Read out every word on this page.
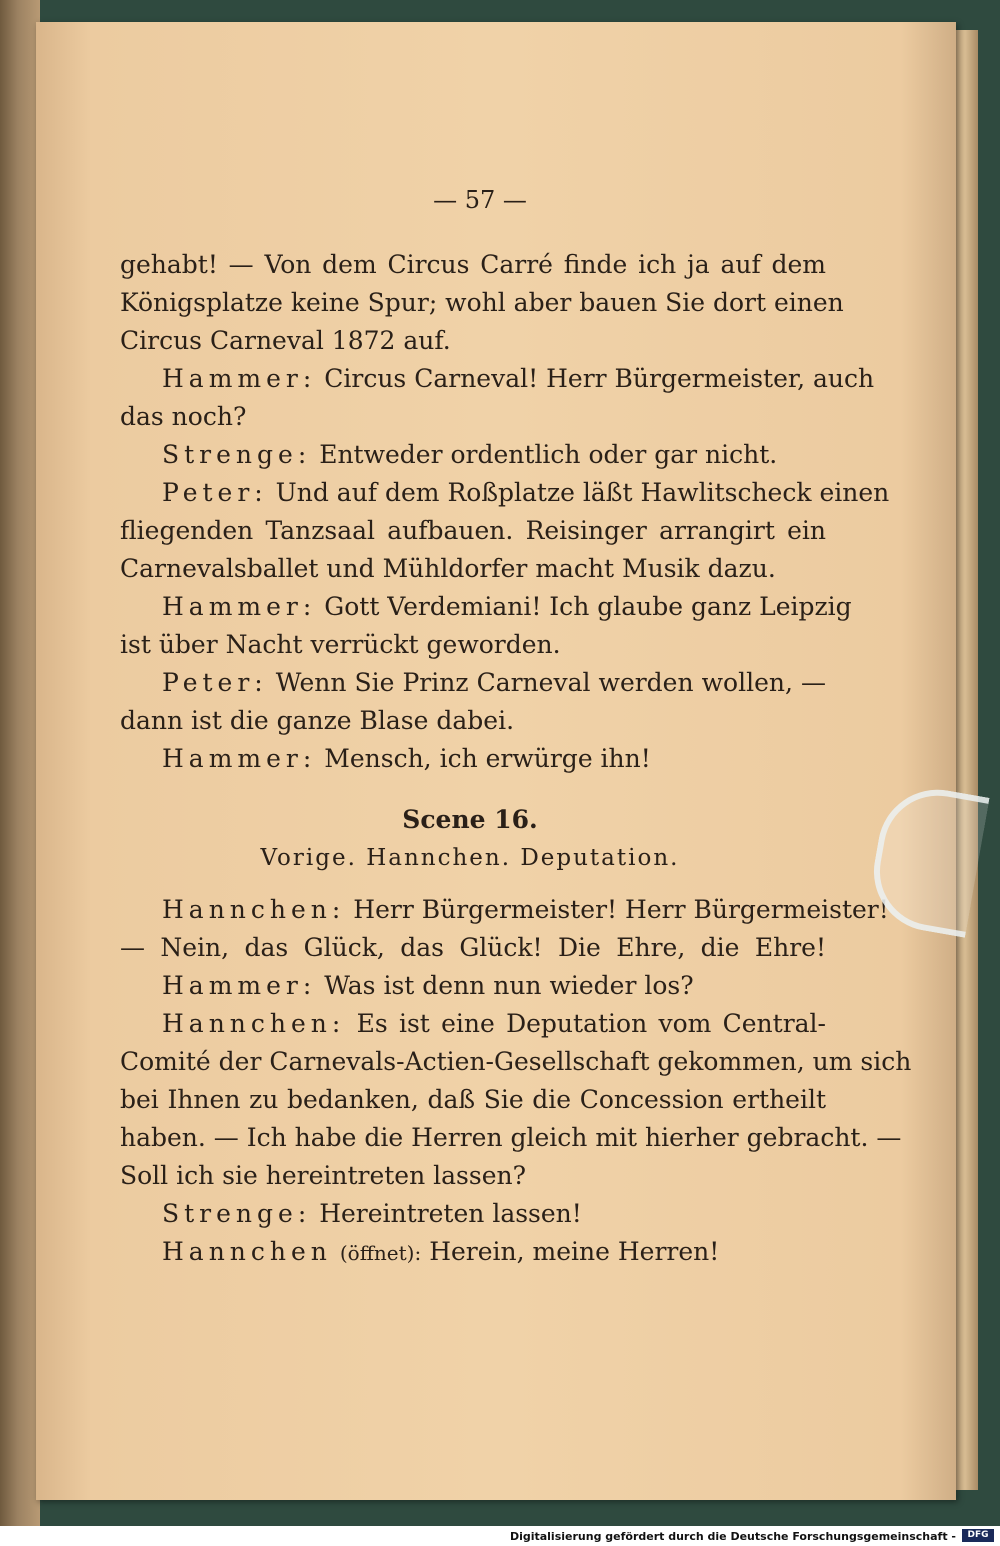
— 57 —
gehabt! — Von dem Circus Carré finde ich ja auf dem
Königsplatze keine Spur; wohl aber bauen Sie dort einen
Circus Carneval 1872 auf.
Hammer: Circus Carneval! Herr Bürgermeister, auch
das noch?
Strenge: Entweder ordentlich oder gar nicht.
Peter: Und auf dem Roßplatze läßt Hawlitscheck einen
fliegenden Tanzsaal aufbauen. Reisinger arrangirt ein
Carnevalsballet und Mühldorfer macht Musik dazu.
Hammer: Gott Verdemiani! Ich glaube ganz Leipzig
ist über Nacht verrückt geworden.
Peter: Wenn Sie Prinz Carneval werden wollen, —
dann ist die ganze Blase dabei.
Hammer: Mensch, ich erwürge ihn!
Scene 16.
Vorige. Hannchen. Deputation.
Hannchen: Herr Bürgermeister! Herr Bürgermeister!
— Nein, das Glück, das Glück! Die Ehre, die Ehre!
Hammer: Was ist denn nun wieder los?
Hannchen: Es ist eine Deputation vom Central-
Comité der Carnevals-Actien-Gesellschaft gekommen, um sich
bei Ihnen zu bedanken, daß Sie die Concession ertheilt
haben. — Ich habe die Herren gleich mit hierher gebracht. —
Soll ich sie hereintreten lassen?
Strenge: Hereintreten lassen!
Hannchen (öffnet): Herein, meine Herren!
Digitalisierung gefördert durch die Deutsche Forschungsgemeinschaft -	DFG
